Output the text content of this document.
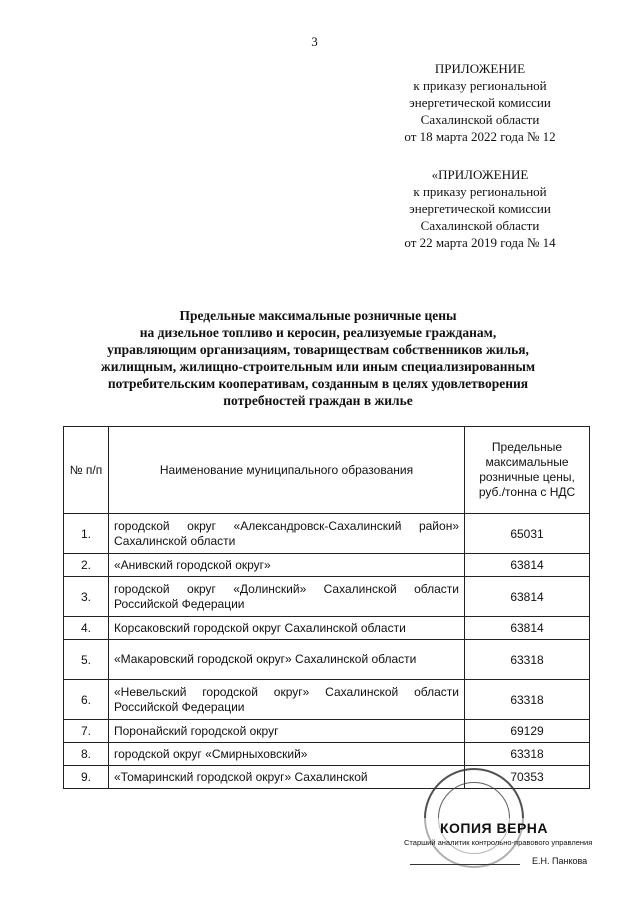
3
ПРИЛОЖЕНИЕ
к приказу региональной
энергетической комиссии
Сахалинской области
от 18 марта 2022 года № 12
«ПРИЛОЖЕНИЕ
к приказу региональной
энергетической комиссии
Сахалинской области
от 22 марта 2019 года № 14
Предельные максимальные розничные цены
на дизельное топливо и керосин, реализуемые гражданам,
управляющим организациям, товариществам собственников жилья,
жилищным, жилищно-строительным или иным специализированным
потребительским кооперативам, созданным в целях удовлетворения
потребностей граждан в жилье
№ п/п	Наименование муниципального образования	Предельные максимальные розничные цены, руб./тонна с НДС
1.	городской округ «Александровск-Сахалинский район» Сахалинской области	65031
2.	«Анивский городской округ»	63814
3.	городской округ «Долинский» Сахалинской области Российской Федерации	63814
4.	Корсаковский городской округ Сахалинской области	63814
5.	«Макаровский городской округ» Сахалинской области	63318
6.	«Невельский городской округ» Сахалинской области Российской Федерации	63318
7.	Поронайский городской округ	69129
8.	городской округ «Смирныховский»	63318
9.	«Томаринский городской округ» Сахалинской	70353
КОПИЯ ВЕРНА
Старший аналитик контрольно-правового управления
Е.Н. Панкова
